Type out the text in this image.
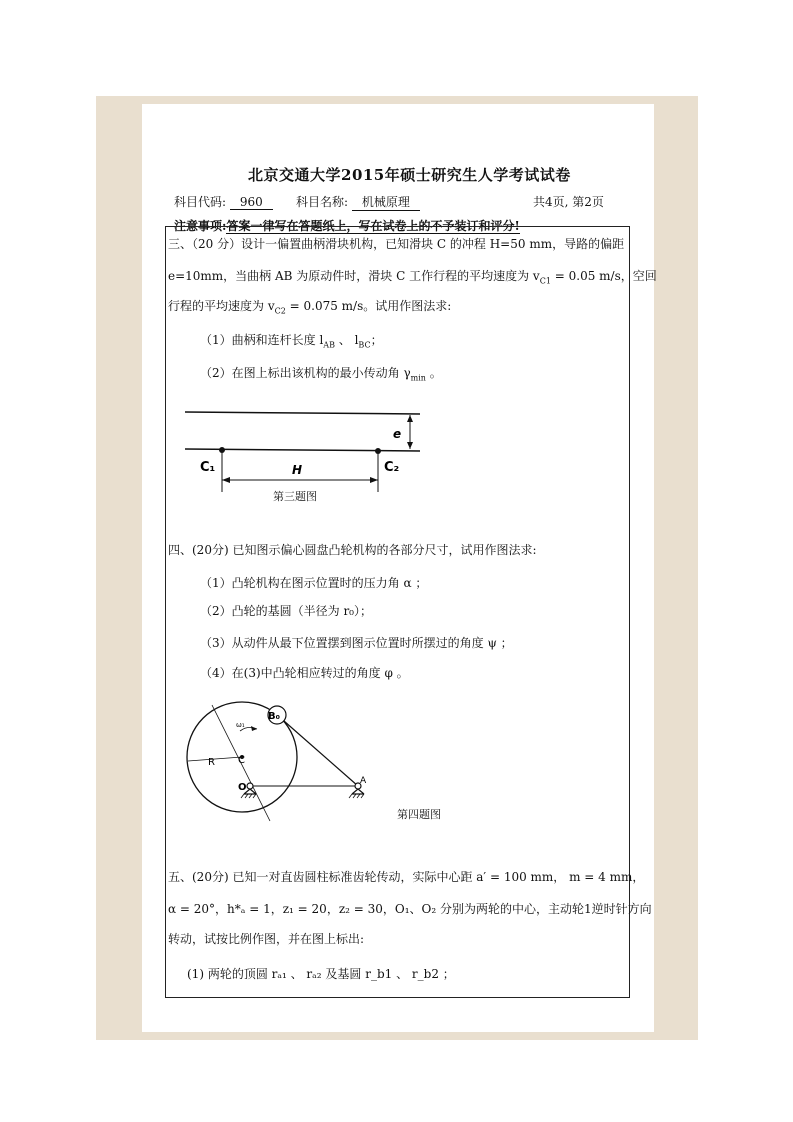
北京交通大学2015年硕士研究生人学考试试卷
科目代码: 960	科目名称: 机械原理	共4页, 第2页
注意事项:答案一律写在答题纸上，写在试卷上的不予装订和评分!
三、（20 分）设计一偏置曲柄滑块机构，已知滑块 C 的冲程 H=50 mm，导路的偏距
e=10mm，当曲柄 AB 为原动件时，滑块 C 工作行程的平均速度为 $v_{C1} = 0.05$ m/s，空回
行程的平均速度为 $v_{C2} = 0.075$ m/s。试用作图法求:
（1）曲柄和连杆长度 $l_{AB}$ 、 $l_{BC}$；
（2）在图上标出该机构的最小传动角 $\gamma_{min}$ 。
e
C₁	H	C₂
第三题图
四、(20分) 已知图示偏心圆盘凸轮机构的各部分尺寸，试用作图法求:
（1）凸轮机构在图示位置时的压力角 α ；
（2）凸轮的基圆（半径为 r₀）；
（3）从动件从最下位置摆到图示位置时所摆过的角度 ψ ；
（4）在(3)中凸轮相应转过的角度 φ 。
B₀
ω₁
R C
O
A
第四题图
五、(20分) 已知一对直齿圆柱标准齿轮传动，实际中心距 a′ = 100 mm， m = 4 mm，
α = 20°，h*ₐ = 1，z₁ = 20，z₂ = 30，O₁、O₂ 分别为两轮的中心，主动轮1逆时针方向
转动，试按比例作图，并在图上标出:
(1) 两轮的顶圆 rₐ₁ 、 rₐ₂ 及基圆 r_b1 、 r_b2 ；
